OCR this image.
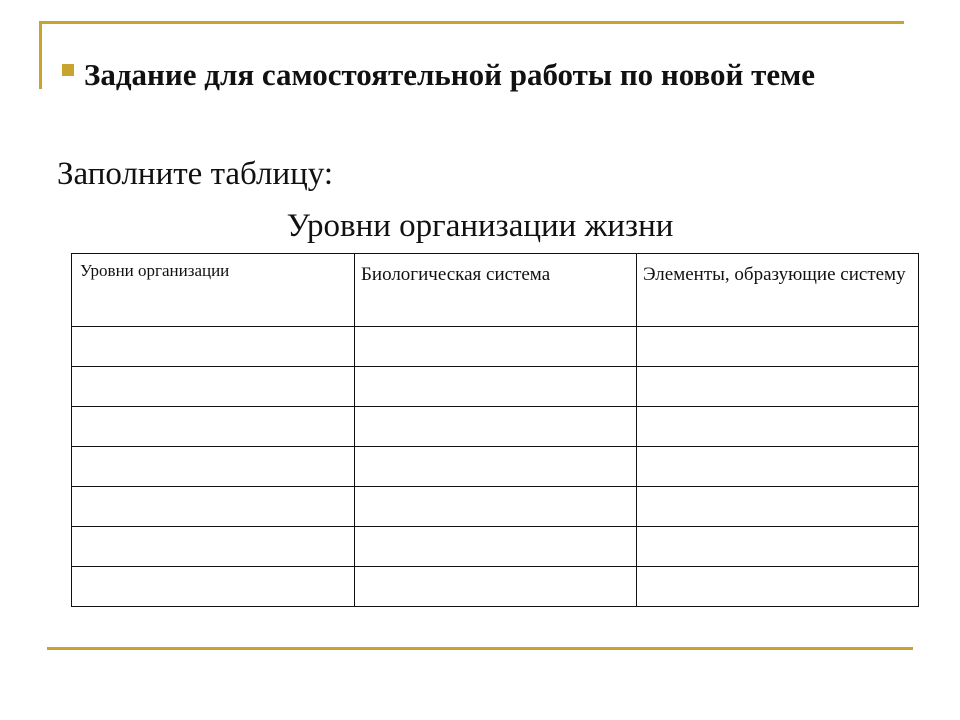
Задание для самостоятельной работы по новой теме

Заполните таблицу:

Уровни организации жизни

Уровни организации	Биологическая система	Элементы, образующие систему
